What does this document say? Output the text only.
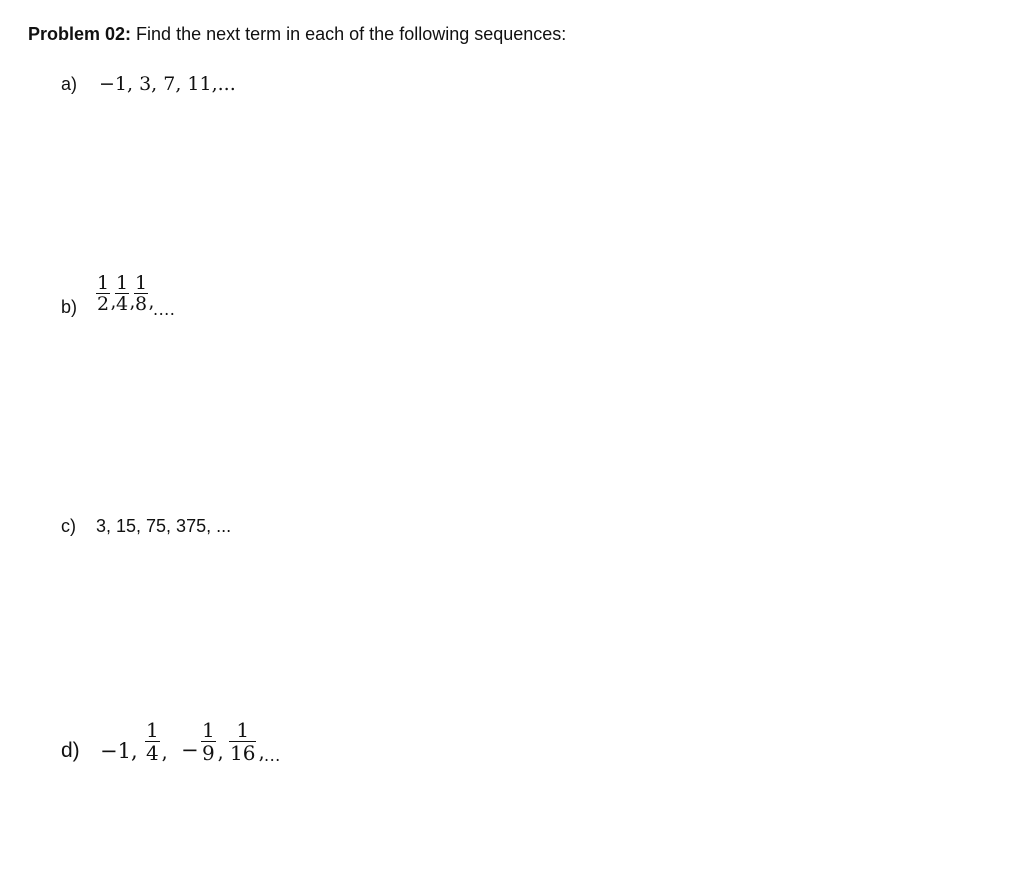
Problem 02: Find the next term in each of the following sequences:
a) −1, 3, 7, 11,...
b)
1
2 ’
1
4 ’
1
8 ’
....
c) 3, 15, 75, 375, ...
d) −1,
1
4 ’
−
1
9 ’
1
16 ’ ...
